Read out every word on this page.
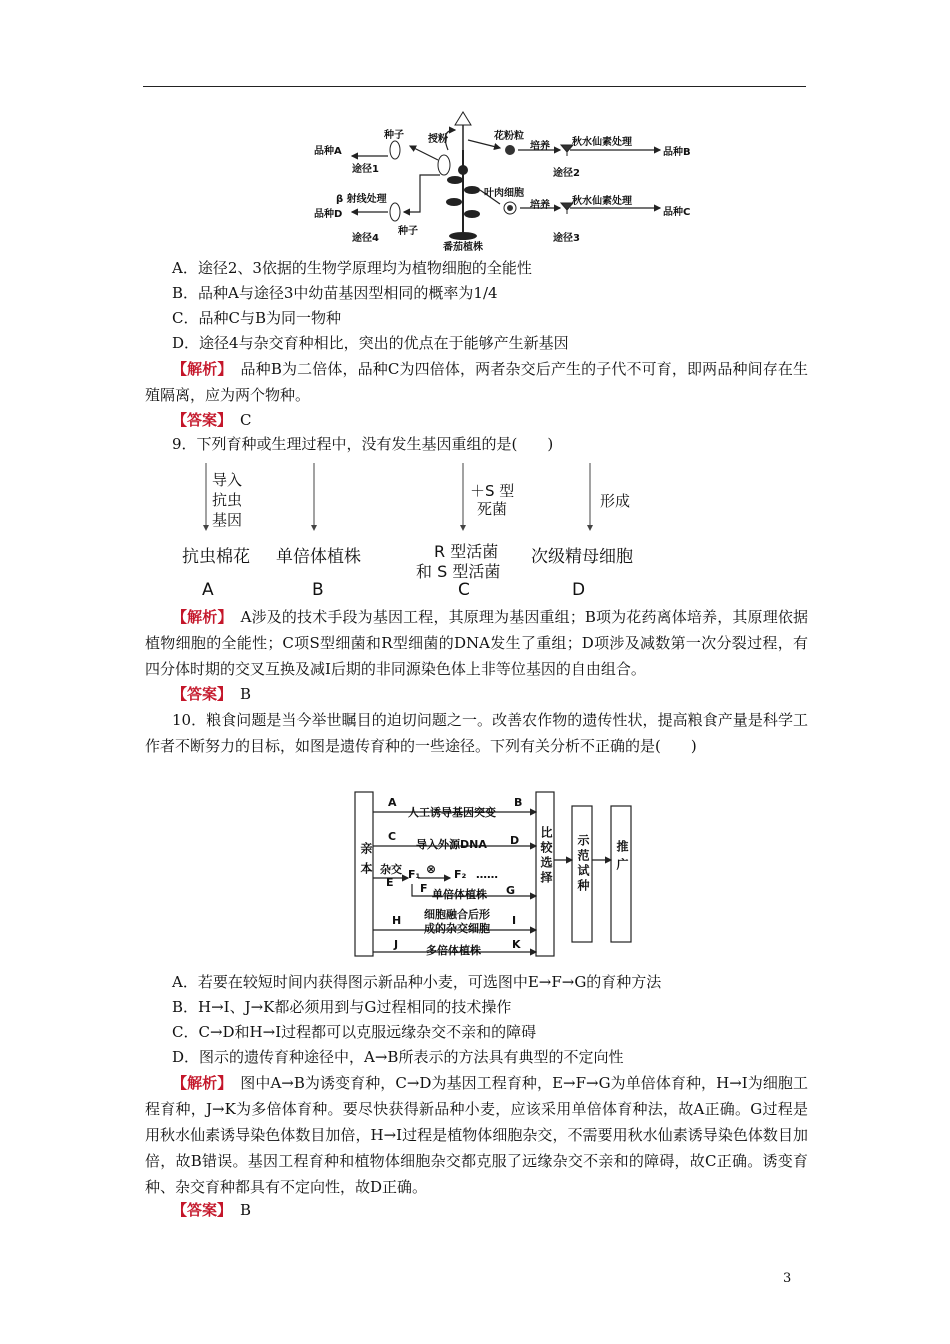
品种A
途径1
种子 授粉	花粉粒
培养 秋水仙素处理
品种B
途径2
β 射线处理
叶肉细胞
培养 秋水仙素处理
品种C
品种D
种子
途径4
番茄植株
途径3
A．途径2、3依据的生物学原理均为植物细胞的全能性
B．品种A与途径3中幼苗基因型相同的概率为1/4
C．品种C与B为同一物种
D．途径4与杂交育种相比，突出的优点在于能够产生新基因
【解析】 品种B为二倍体，品种C为四倍体，两者杂交后产生的子代不可育，即两品种间存在生殖隔离，应为两个物种。
【答案】 C
9．下列育种或生理过程中，没有发生基因重组的是(　　)
导入
抗虫
基因
＋S 型
死菌	形成
抗虫棉花 单倍体植株	R 型活菌
和 S 型活菌
次级精母细胞
A	B	C	D
【解析】 A涉及的技术手段为基因工程，其原理为基因重组；B项为花药离体培养，其原理依据植物细胞的全能性；C项S型细菌和R型细菌的DNA发生了重组；D项涉及减数第一次分裂过程，有四分体时期的交叉互换及减Ⅰ后期的非同源染色体上非等位基因的自由组合。
【答案】 B
10．粮食问题是当今举世瞩目的迫切问题之一。改善农作物的遗传性状，提高粮食产量是科学工作者不断努力的目标，如图是遗传育种的一些途径。下列有关分析不正确的是(　　)
亲本	比较选择 示范试种 推广
A
人工诱导基因突变
B
C
导入外源DNA D
杂交
E
⊗
F₁	F₂ ……
F 单倍体植株 G
H 细胞融合后形
成的杂交细胞
I
J	多倍体植株	K
A．若要在较短时间内获得图示新品种小麦，可选图中E→F→G的育种方法
B．H→I、J→K都必须用到与G过程相同的技术操作
C．C→D和H→I过程都可以克服远缘杂交不亲和的障碍
D．图示的遗传育种途径中，A→B所表示的方法具有典型的不定向性
【解析】 图中A→B为诱变育种，C→D为基因工程育种，E→F→G为单倍体育种，H→I为细胞工程育种，J→K为多倍体育种。要尽快获得新品种小麦，应该采用单倍体育种法，故A正确。G过程是用秋水仙素诱导染色体数目加倍，H→I过程是植物体细胞杂交，不需要用秋水仙素诱导染色体数目加倍，故B错误。基因工程育种和植物体细胞杂交都克服了远缘杂交不亲和的障碍，故C正确。诱变育种、杂交育种都具有不定向性，故D正确。
【答案】 B
3
